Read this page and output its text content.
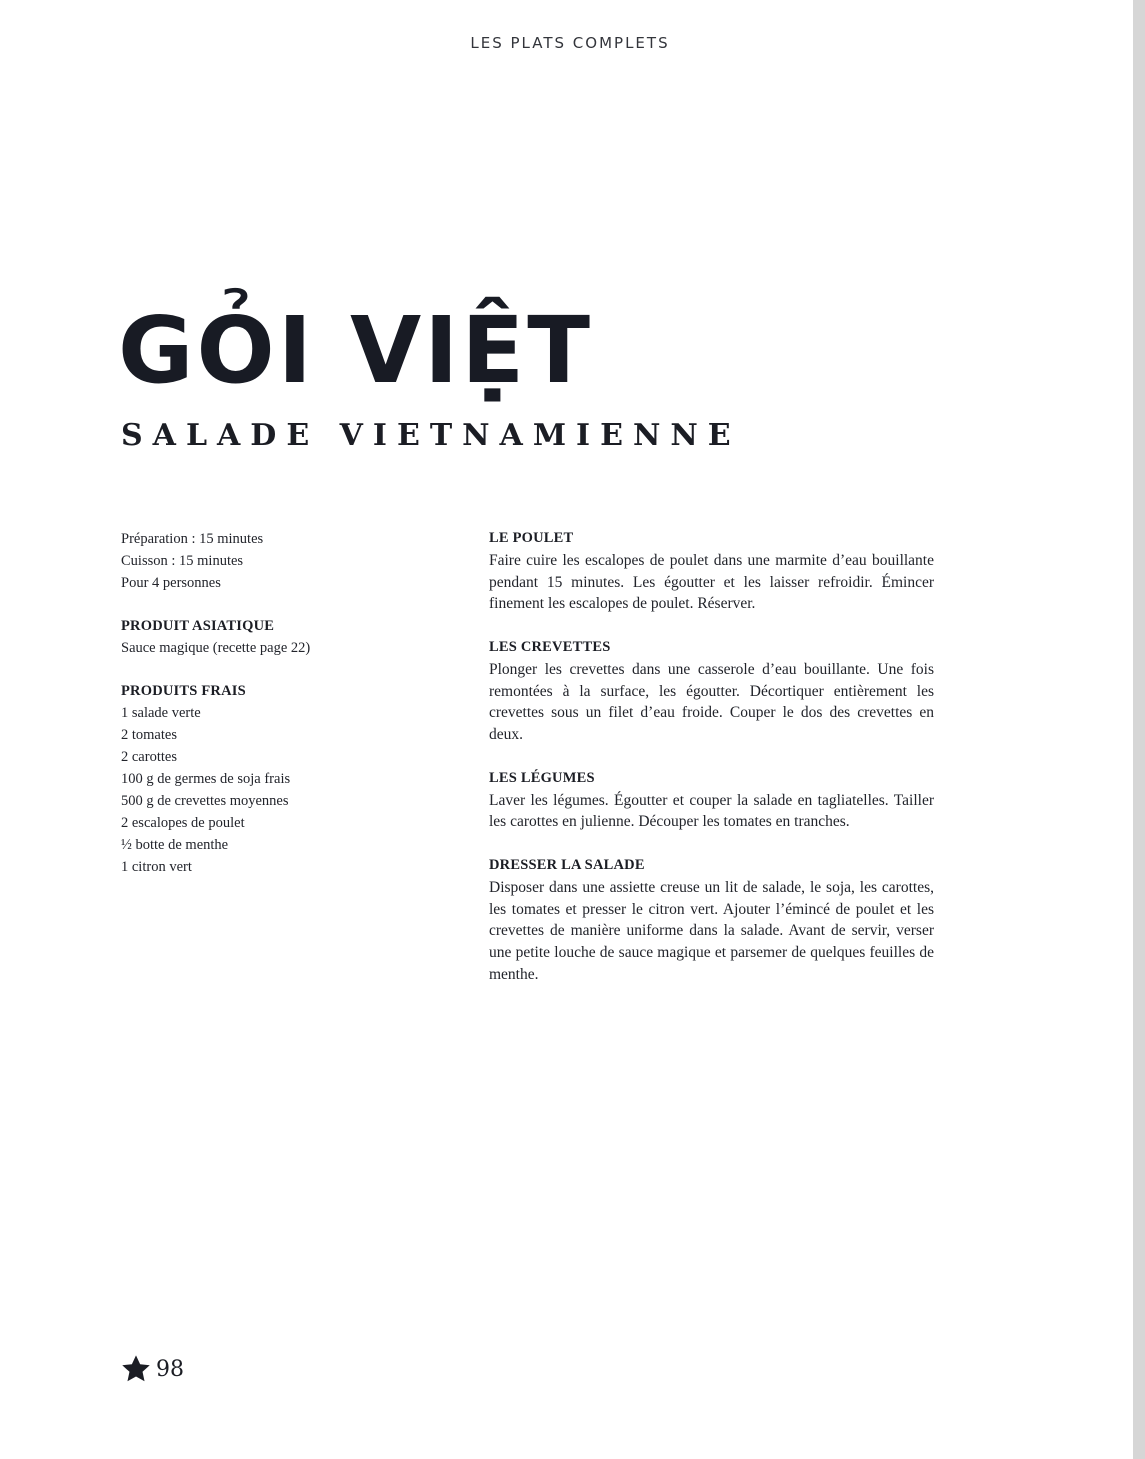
LES PLATS COMPLETS
GỎI VIỆT
SALADE VIETNAMIENNE
Préparation : 15 minutes
Cuisson : 15 minutes
Pour 4 personnes
PRODUIT ASIATIQUE
Sauce magique (recette page 22)
PRODUITS FRAIS
1 salade verte
2 tomates
2 carottes
100 g de germes de soja frais
500 g de crevettes moyennes
2 escalopes de poulet
½ botte de menthe
1 citron vert
LE POULET

Faire cuire les escalopes de poulet dans une marmite d’eau bouillante pendant 15 minutes. Les égoutter et les laisser refroidir. Émincer finement les escalopes de poulet. Réserver.

LES CREVETTES

Plonger les crevettes dans une casserole d’eau bouillante. Une fois remontées à la surface, les égoutter. Décortiquer entièrement les crevettes sous un filet d’eau froide. Couper le dos des crevettes en deux.

LES LÉGUMES

Laver les légumes. Égoutter et couper la salade en tagliatelles. Tailler les carottes en julienne. Découper les tomates en tranches.

DRESSER LA SALADE

Disposer dans une assiette creuse un lit de salade, le soja, les carottes, les tomates et presser le citron vert. Ajouter l’émincé de poulet et les crevettes de manière uniforme dans la salade. Avant de servir, verser une petite louche de sauce magique et parsemer de quelques feuilles de menthe.

98
